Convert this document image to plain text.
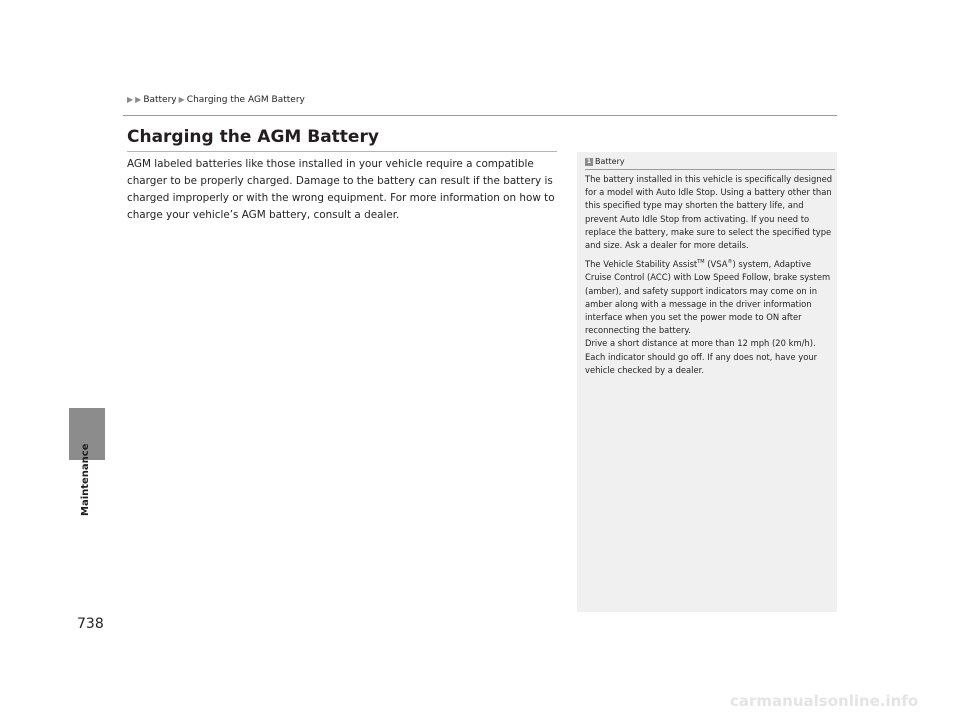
▶ ▶ Battery ▶ Charging the AGM Battery
Maintenance
Charging the AGM Battery
AGM labeled batteries like those installed in your vehicle require a compatible charger to be properly charged. Damage to the battery can result if the battery is charged improperly or with the wrong equipment. For more information on how to charge your vehicle’s AGM battery, consult a dealer.
1 Battery

The battery installed in this vehicle is specifically designed for a model with Auto Idle Stop. Using a battery other than this specified type may shorten the battery life, and prevent Auto Idle Stop from activating. If you need to replace the battery, make sure to select the specified type and size. Ask a dealer for more details.

The Vehicle Stability Assist™ (VSA®) system, Adaptive Cruise Control (ACC) with Low Speed Follow, brake system (amber), and safety support indicators may come on in amber along with a message in the driver information interface when you set the power mode to ON after reconnecting the battery.
Drive a short distance at more than 12 mph (20 km/h). Each indicator should go off. If any does not, have your vehicle checked by a dealer.

738
carmanualsonline.info
